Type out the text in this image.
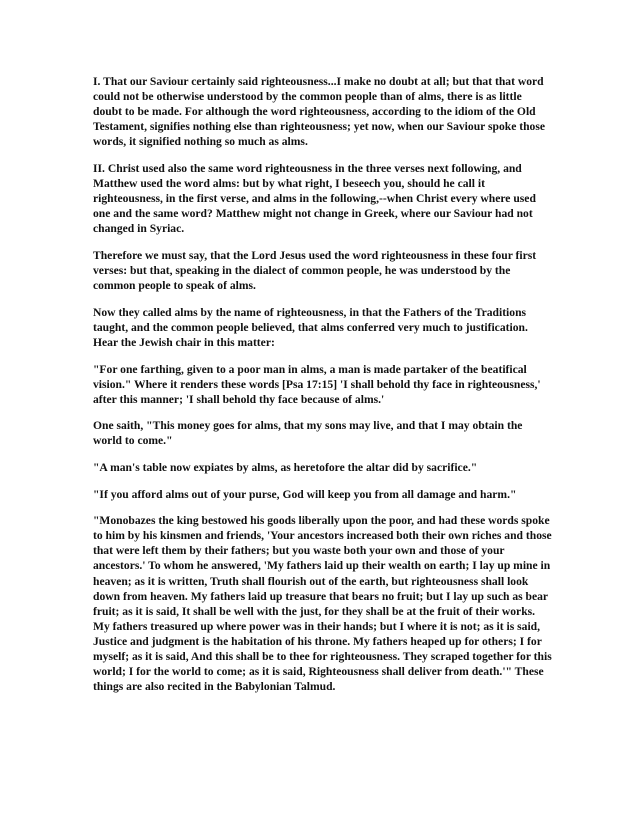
I. That our Saviour certainly said righteousness...I make no doubt at all; but that that word could not be otherwise understood by the common people than of alms, there is as little doubt to be made. For although the word righteousness, according to the idiom of the Old Testament, signifies nothing else than righteousness; yet now, when our Saviour spoke those words, it signified nothing so much as alms.

II. Christ used also the same word righteousness in the three verses next following, and Matthew used the word alms: but by what right, I beseech you, should he call it righteousness, in the first verse, and alms in the following,--when Christ every where used one and the same word? Matthew might not change in Greek, where our Saviour had not changed in Syriac.

Therefore we must say, that the Lord Jesus used the word righteousness in these four first verses: but that, speaking in the dialect of common people, he was understood by the common people to speak of alms.

Now they called alms by the name of righteousness, in that the Fathers of the Traditions taught, and the common people believed, that alms conferred very much to justification. Hear the Jewish chair in this matter:

"For one farthing, given to a poor man in alms, a man is made partaker of the beatifical vision." Where it renders these words [Psa 17:15] 'I shall behold thy face in righteousness,' after this manner; 'I shall behold thy face because of alms.'

One saith, "This money goes for alms, that my sons may live, and that I may obtain the world to come."

"A man's table now expiates by alms, as heretofore the altar did by sacrifice."

"If you afford alms out of your purse, God will keep you from all damage and harm."

"Monobazes the king bestowed his goods liberally upon the poor, and had these words spoke to him by his kinsmen and friends, 'Your ancestors increased both their own riches and those that were left them by their fathers; but you waste both your own and those of your ancestors.' To whom he answered, 'My fathers laid up their wealth on earth; I lay up mine in heaven; as it is written, Truth shall flourish out of the earth, but righteousness shall look down from heaven. My fathers laid up treasure that bears no fruit; but I lay up such as bear fruit; as it is said, It shall be well with the just, for they shall be at the fruit of their works. My fathers treasured up where power was in their hands; but I where it is not; as it is said, Justice and judgment is the habitation of his throne. My fathers heaped up for others; I for myself; as it is said, And this shall be to thee for righteousness. They scraped together for this world; I for the world to come; as it is said, Righteousness shall deliver from death.'" These things are also recited in the Babylonian Talmud.
